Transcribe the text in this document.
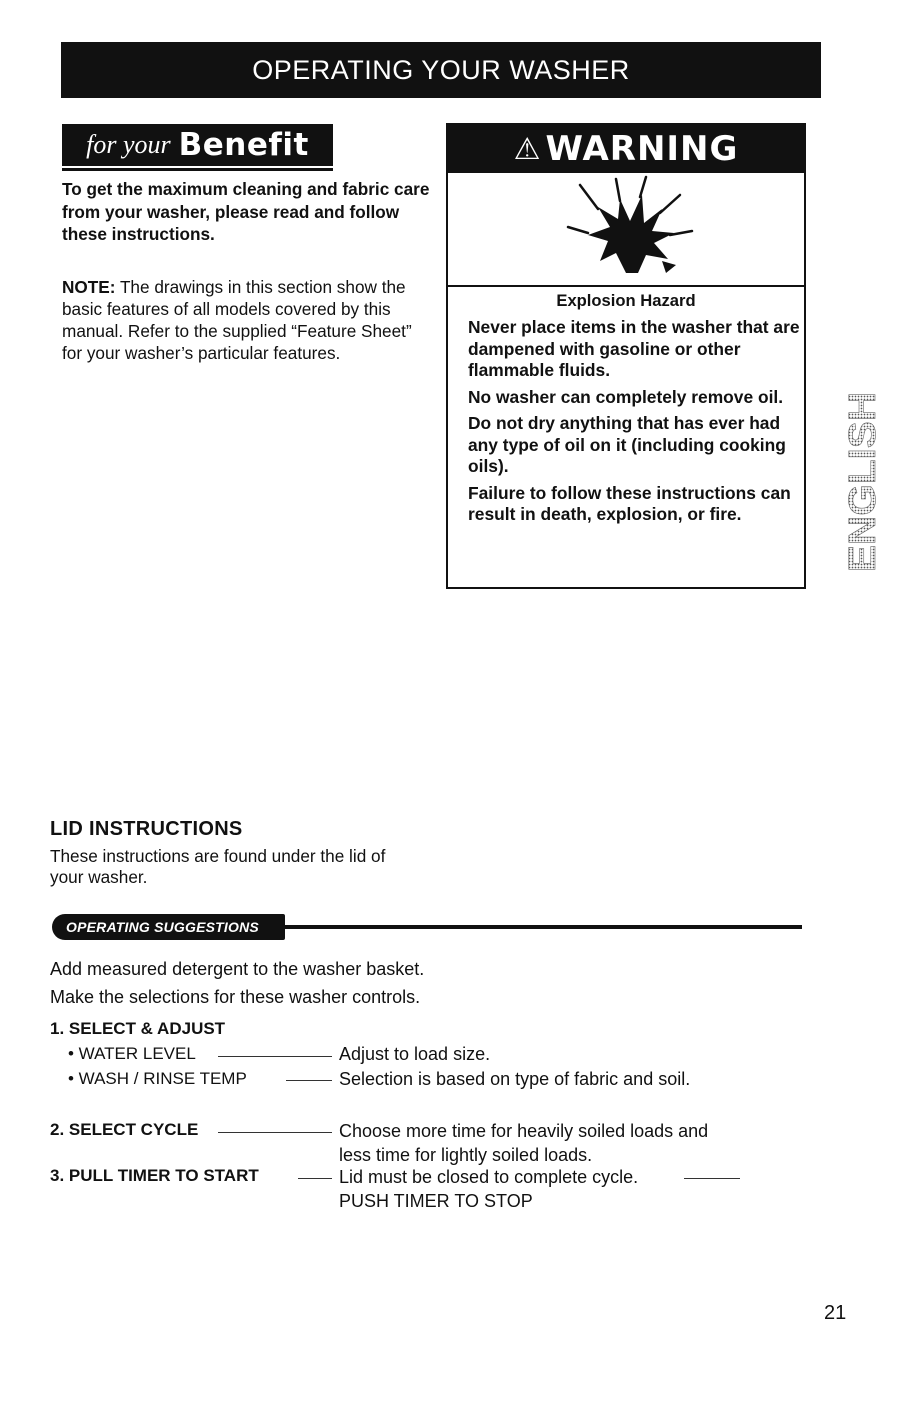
OPERATING YOUR WASHER
for your Benefit
To get the maximum cleaning and fabric care from your washer, please read and follow these instructions.
NOTE: The drawings in this section show the basic features of all models covered by this manual. Refer to the supplied “Feature Sheet” for your washer’s particular features.
⚠ WARNING
Explosion Hazard

Never place items in the washer that are dampened with gasoline or other flammable fluids.

No washer can completely remove oil.

Do not dry anything that has ever had any type of oil on it (including cooking oils).

Failure to follow these instructions can result in death, explosion, or fire.	ENGLISH
LID INSTRUCTIONS
These instructions are found under the lid of your washer.
OPERATING SUGGESTIONS
Add measured detergent to the washer basket.
Make the selections for these washer controls.
1. SELECT & ADJUST
• WATER LEVEL	Adjust to load size.
• WASH / RINSE TEMP	Selection is based on type of fabric and soil.
2. SELECT CYCLE	Choose more time for heavily soiled loads and
less time for lightly soiled loads.
3. PULL TIMER TO START	Lid must be closed to complete cycle.
PUSH TIMER TO STOP
21
